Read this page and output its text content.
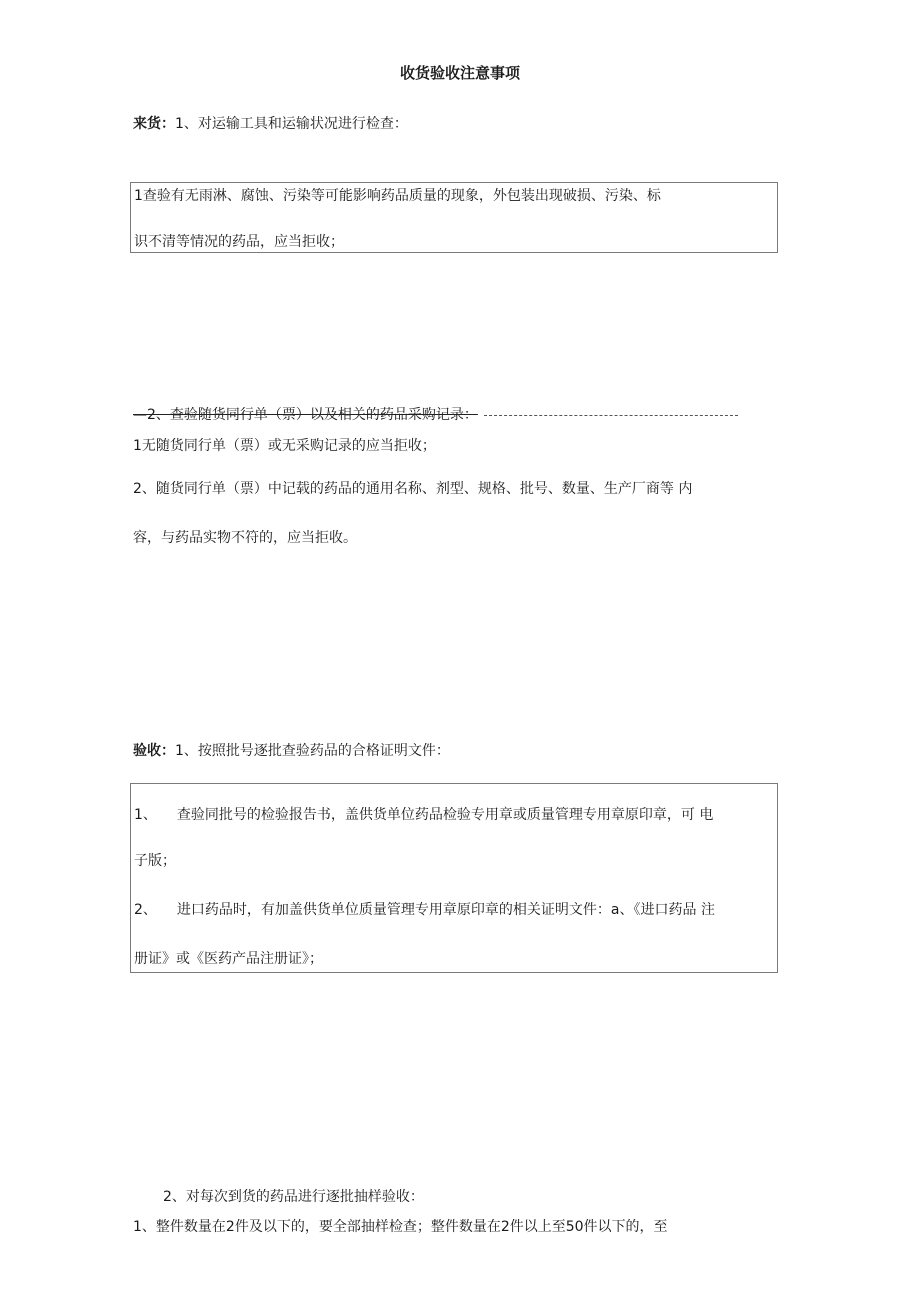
收货验收注意事项
来货：1、对运输工具和运输状况进行检查：
1查验有无雨淋、腐蚀、污染等可能影响药品质量的现象，外包装出现破损、污染、标
识不清等情况的药品，应当拒收；
—2、查验随货同行单（票）以及相关的药品采购记录：
1无随货同行单（票）或无采购记录的应当拒收；
2、随货同行单（票）中记载的药品的通用名称、剂型、规格、批号、数量、生产厂商等 内
容，与药品实物不符的，应当拒收。
验收：1、按照批号逐批查验药品的合格证明文件：
1、 查验同批号的检验报告书，盖供货单位药品检验专用章或质量管理专用章原印章，可 电
子版；
2、 进口药品时，有加盖供货单位质量管理专用章原印章的相关证明文件：a、《进口药品 注
册证》或《医药产品注册证》；
2、对每次到货的药品进行逐批抽样验收：
1、整件数量在2件及以下的，要全部抽样检查；整件数量在2件以上至50件以下的，至
